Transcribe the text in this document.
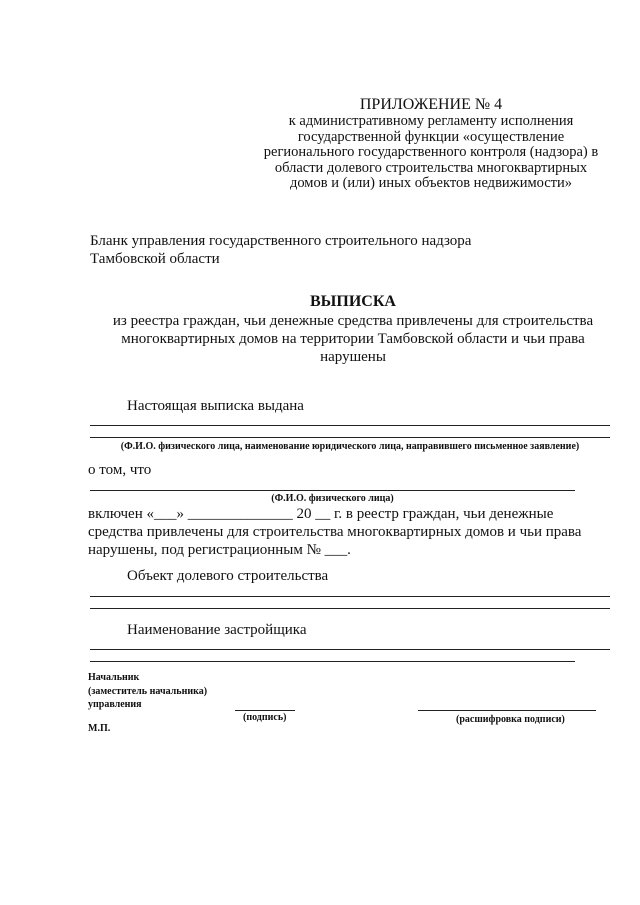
ПРИЛОЖЕНИЕ № 4
к административному регламенту исполнения
государственной функции «осуществление
регионального государственного контроля (надзора) в
области долевого строительства многоквартирных
домов и (или) иных объектов недвижимости»
Бланк управления государственного строительного надзора
Тамбовской области
ВЫПИСКА
из реестра граждан, чьи денежные средства привлечены для строительства
многоквартирных домов на территории Тамбовской области и чьи права
нарушены
Настоящая выписка выдана
(Ф.И.О. физического лица, наименование юридического лица, направившего письменное заявление)
о том, что
(Ф.И.О. физического лица)
включен «___» ______________ 20 __ г. в реестр граждан, чьи денежные
средства привлечены для строительства многоквартирных домов и чьи права
нарушены, под регистрационным № ___.
Объект долевого строительства
Наименование застройщика
Начальник
(заместитель начальника)
управления
(подпись)	(расшифровка подписи)
М.П.
